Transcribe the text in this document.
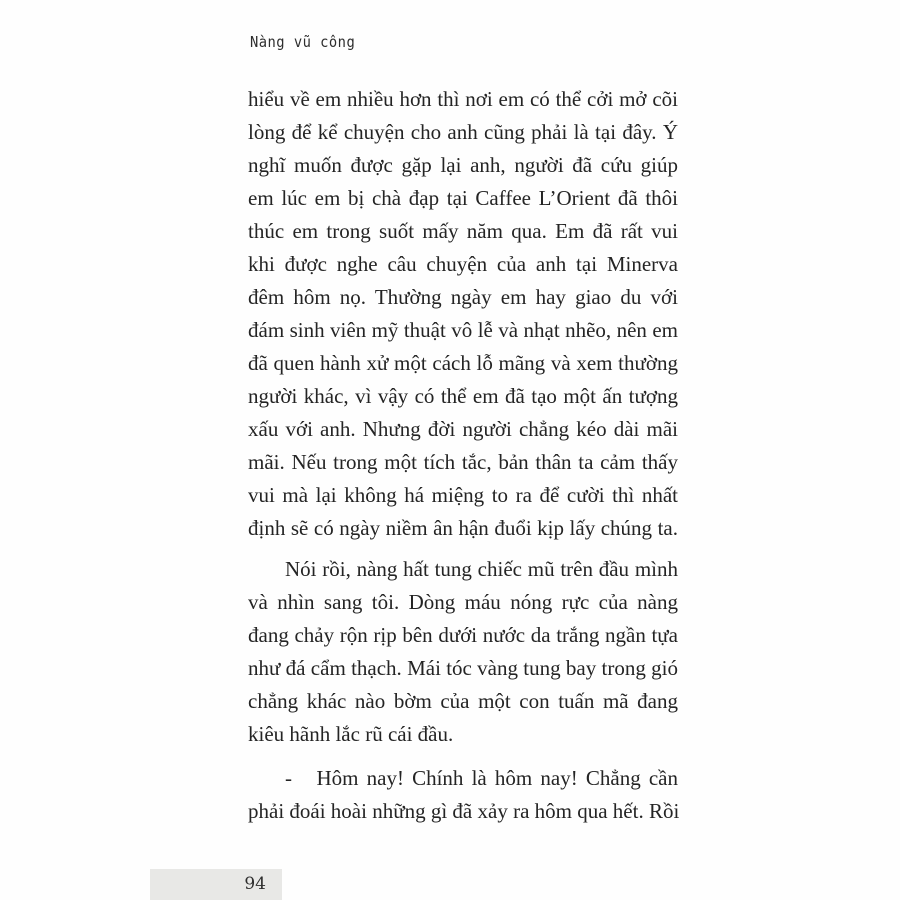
Nàng vũ công
hiểu về em nhiều hơn thì nơi em có thể cởi mở cõi
lòng để kể chuyện cho anh cũng phải là tại đây. Ý
nghĩ muốn được gặp lại anh, người đã cứu giúp
em lúc em bị chà đạp tại Caffee L’Orient đã thôi
thúc em trong suốt mấy năm qua. Em đã rất vui
khi được nghe câu chuyện của anh tại Minerva
đêm hôm nọ. Thường ngày em hay giao du với
đám sinh viên mỹ thuật vô lễ và nhạt nhẽo, nên em
đã quen hành xử một cách lỗ mãng và xem thường
người khác, vì vậy có thể em đã tạo một ấn tượng
xấu với anh. Nhưng đời người chẳng kéo dài mãi
mãi. Nếu trong một tích tắc, bản thân ta cảm thấy
vui mà lại không há miệng to ra để cười thì nhất
định sẽ có ngày niềm ân hận đuổi kịp lấy chúng ta.
Nói rồi, nàng hất tung chiếc mũ trên đầu mình
và nhìn sang tôi. Dòng máu nóng rực của nàng
đang chảy rộn rịp bên dưới nước da trắng ngần tựa
như đá cẩm thạch. Mái tóc vàng tung bay trong gió
chẳng khác nào bờm của một con tuấn mã đang
kiêu hãnh lắc rũ cái đầu.
-   Hôm nay! Chính là hôm nay! Chẳng cần
phải đoái hoài những gì đã xảy ra hôm qua hết. Rồi
94
